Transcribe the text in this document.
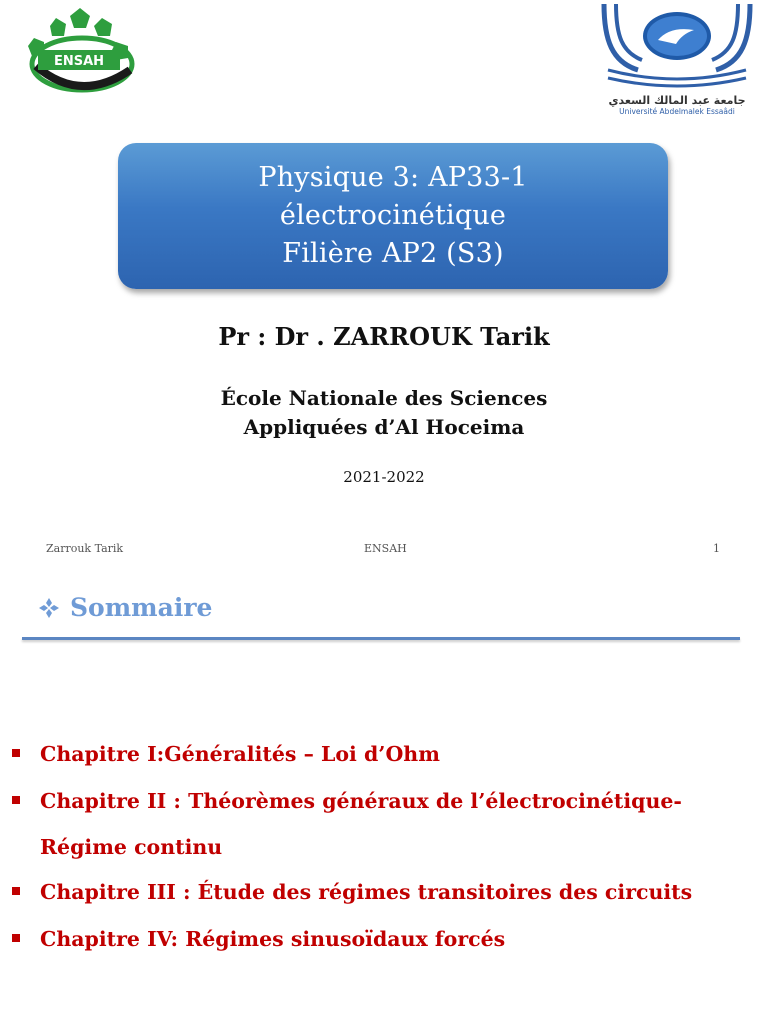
ENSAH
جامعة عبد المالك السعدي
Université Abdelmalek Essaâdi
Physique 3: AP33-1
électrocinétique
Filière AP2 (S3)
Pr : Dr . ZARROUK Tarik
École Nationale des Sciences
Appliquées d’Al Hoceima
2021-2022
Zarrouk Tarik	ENSAH	1
Sommaire
Chapitre I:Généralités – Loi d’Ohm
Chapitre II : Théorèmes généraux de l’électrocinétique-
Régime continu
Chapitre III : Étude des régimes transitoires des circuits
Chapitre IV: Régimes sinusoïdaux forcés
